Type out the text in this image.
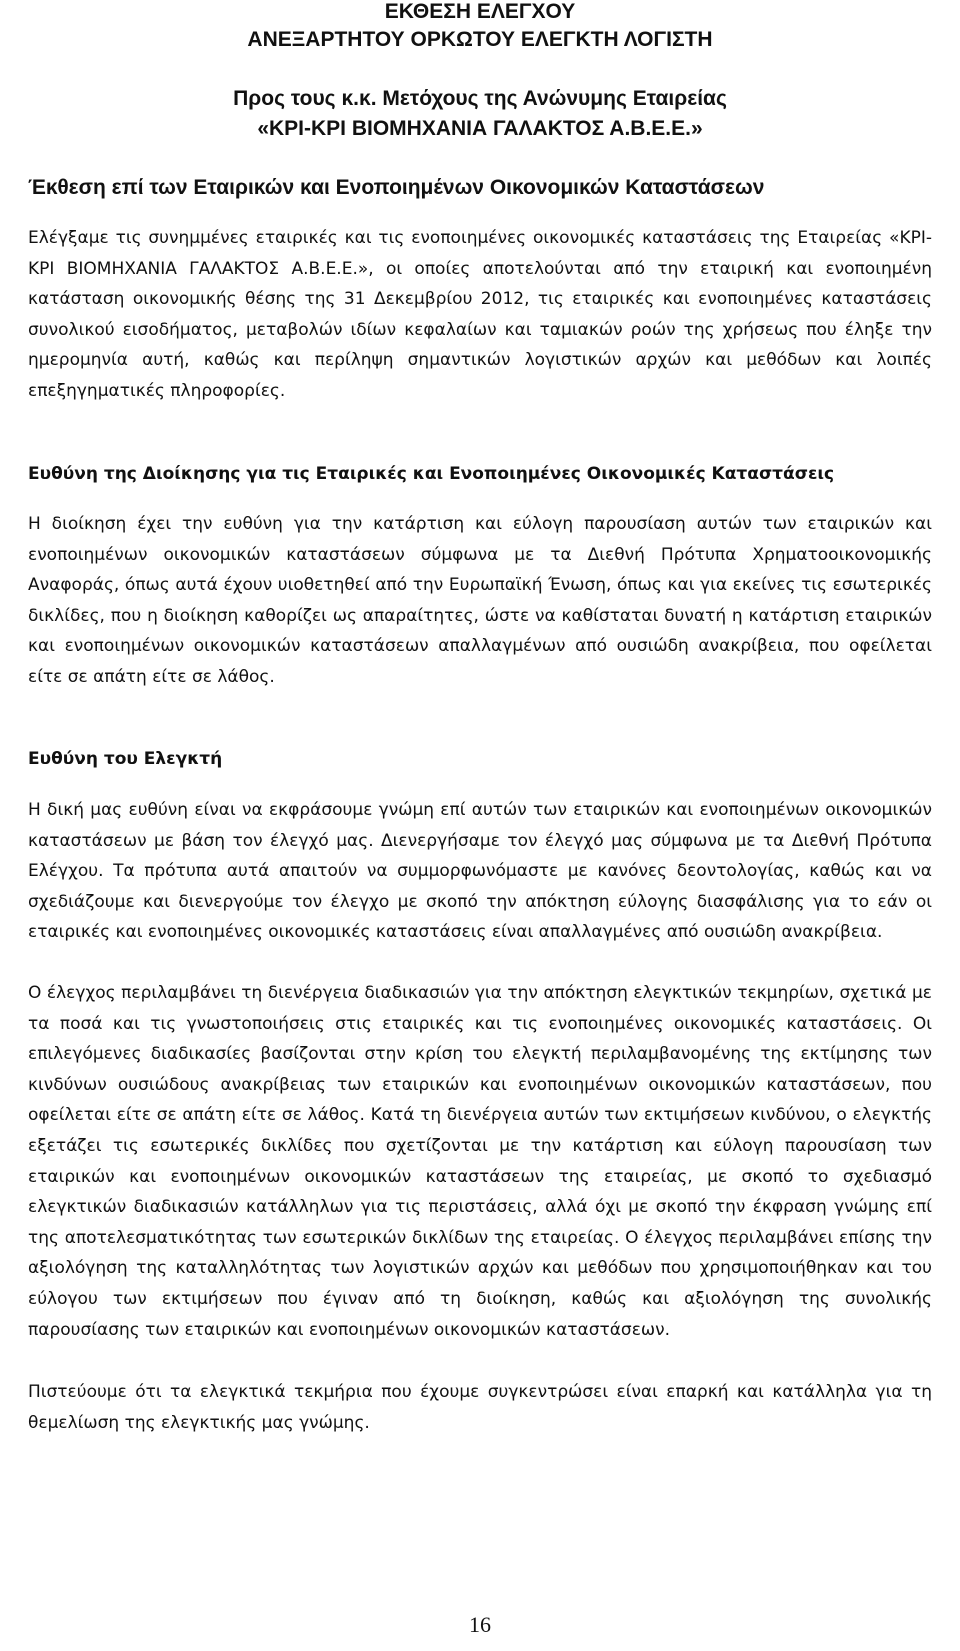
ΕΚΘΕΣΗ ΕΛΕΓΧΟΥ
ΑΝΕΞΑΡΤΗΤΟΥ ΟΡΚΩΤΟΥ ΕΛΕΓΚΤΗ ΛΟΓΙΣΤΗ
Προς τους κ.κ. Μετόχους της Ανώνυμης Εταιρείας
«ΚΡΙ-ΚΡΙ ΒΙΟΜΗΧΑΝΙΑ ΓΑΛΑΚΤΟΣ Α.Β.Ε.Ε.»
Έκθεση επί των Εταιρικών και Ενοποιημένων Οικονομικών Καταστάσεων

Ελέγξαμε τις συνημμένες εταιρικές και τις ενοποιημένες οικονομικές καταστάσεις της Εταιρείας «ΚΡΙ-ΚΡΙ ΒΙΟΜΗΧΑΝΙΑ ΓΑΛΑΚΤΟΣ Α.Β.Ε.Ε.», οι οποίες αποτελούνται από την εταιρική και ενοποιημένη κατάσταση οικονομικής θέσης της 31 Δεκεμβρίου 2012, τις εταιρικές και ενοποιημένες καταστάσεις συνολικού εισοδήματος, μεταβολών ιδίων κεφαλαίων και ταμιακών ροών της χρήσεως που έληξε την ημερομηνία αυτή, καθώς και περίληψη σημαντικών λογιστικών αρχών και μεθόδων και λοιπές επεξηγηματικές πληροφορίες.

Ευθύνη της Διοίκησης για τις Εταιρικές και Ενοποιημένες Οικονομικές Καταστάσεις

Η διοίκηση έχει την ευθύνη για την κατάρτιση και εύλογη παρουσίαση αυτών των εταιρικών και ενοποιημένων οικονομικών καταστάσεων σύμφωνα με τα Διεθνή Πρότυπα Χρηματοοικονομικής Αναφοράς, όπως αυτά έχουν υιοθετηθεί από την Ευρωπαϊκή Ένωση, όπως και για εκείνες τις εσωτερικές δικλίδες, που η διοίκηση καθορίζει ως απαραίτητες, ώστε να καθίσταται δυνατή η κατάρτιση εταιρικών και ενοποιημένων οικονομικών καταστάσεων απαλλαγμένων από ουσιώδη ανακρίβεια, που οφείλεται είτε σε απάτη είτε σε λάθος.

Ευθύνη του Ελεγκτή

Η δική μας ευθύνη είναι να εκφράσουμε γνώμη επί αυτών των εταιρικών και ενοποιημένων οικονομικών καταστάσεων με βάση τον έλεγχό μας. Διενεργήσαμε τον έλεγχό μας σύμφωνα με τα Διεθνή Πρότυπα Ελέγχου. Τα πρότυπα αυτά απαιτούν να συμμορφωνόμαστε με κανόνες δεοντολογίας, καθώς και να σχεδιάζουμε και διενεργούμε τον έλεγχο με σκοπό την απόκτηση εύλογης διασφάλισης για το εάν οι εταιρικές και ενοποιημένες οικονομικές καταστάσεις είναι απαλλαγμένες από ουσιώδη ανακρίβεια.

Ο έλεγχος περιλαμβάνει τη διενέργεια διαδικασιών για την απόκτηση ελεγκτικών τεκμηρίων, σχετικά με τα ποσά και τις γνωστοποιήσεις στις εταιρικές και τις ενοποιημένες οικονομικές καταστάσεις. Οι επιλεγόμενες διαδικασίες βασίζονται στην κρίση του ελεγκτή περιλαμβανομένης της εκτίμησης των κινδύνων ουσιώδους ανακρίβειας των εταιρικών και ενοποιημένων οικονομικών καταστάσεων, που οφείλεται είτε σε απάτη είτε σε λάθος. Κατά τη διενέργεια αυτών των εκτιμήσεων κινδύνου, ο ελεγκτής εξετάζει τις εσωτερικές δικλίδες που σχετίζονται με την κατάρτιση και εύλογη παρουσίαση των εταιρικών και ενοποιημένων οικονομικών καταστάσεων της εταιρείας, με σκοπό το σχεδιασμό ελεγκτικών διαδικασιών κατάλληλων για τις περιστάσεις, αλλά όχι με σκοπό την έκφραση γνώμης επί της αποτελεσματικότητας των εσωτερικών δικλίδων της εταιρείας. Ο έλεγχος περιλαμβάνει επίσης την αξιολόγηση της καταλληλότητας των λογιστικών αρχών και μεθόδων που χρησιμοποιήθηκαν και του εύλογου των εκτιμήσεων που έγιναν από τη διοίκηση, καθώς και αξιολόγηση της συνολικής παρουσίασης των εταιρικών και ενοποιημένων οικονομικών καταστάσεων.

Πιστεύουμε ότι τα ελεγκτικά τεκμήρια που έχουμε συγκεντρώσει είναι επαρκή και κατάλληλα για τη θεμελίωση της ελεγκτικής μας γνώμης.

16
